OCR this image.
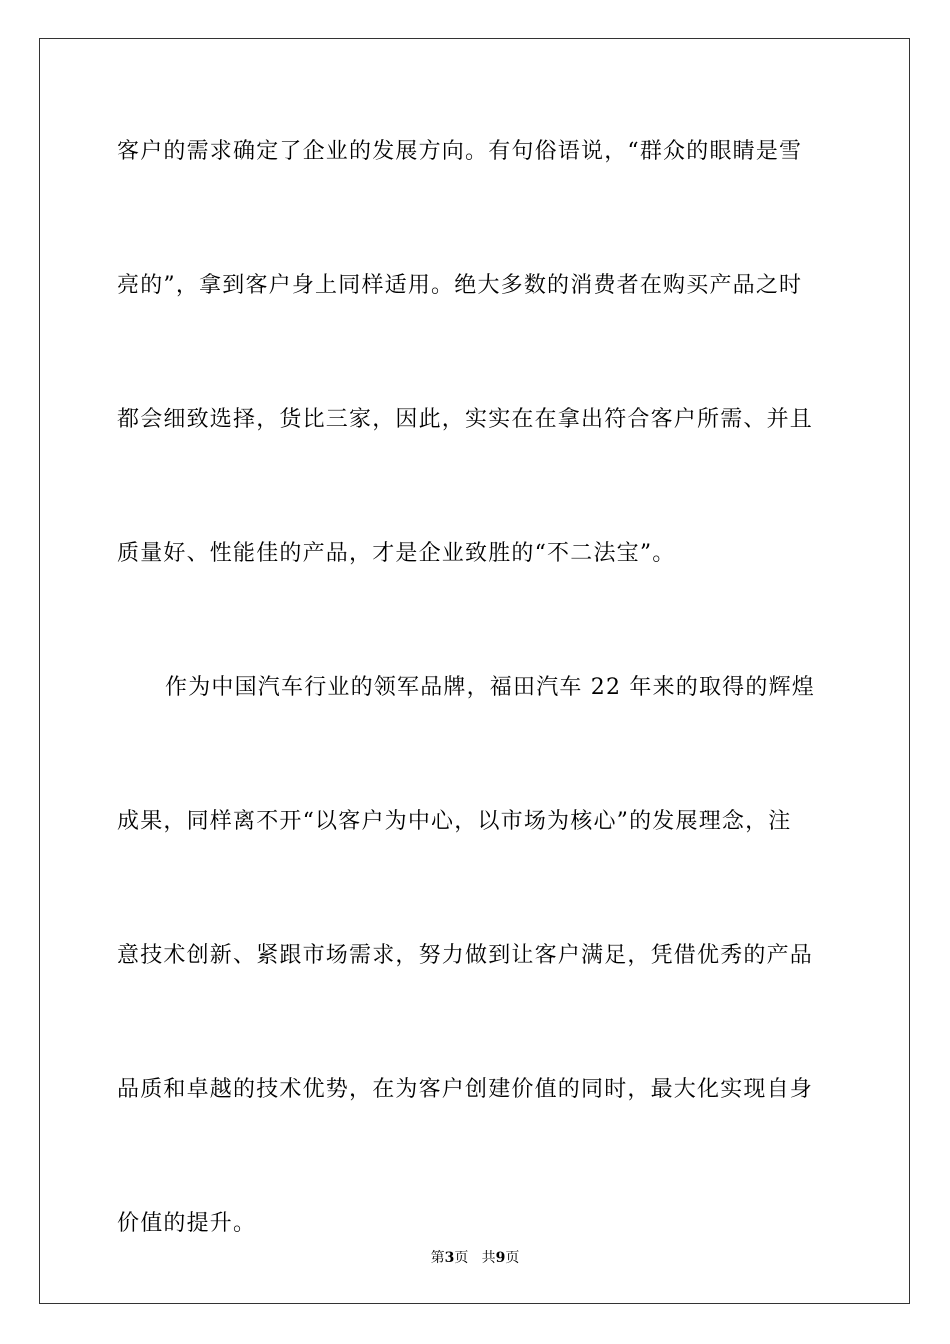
客户的需求确定了企业的发展方向。有句俗语说，“群众的眼睛是雪
亮的”，拿到客户身上同样适用。绝大多数的消费者在购买产品之时
都会细致选择，货比三家，因此，实实在在拿出符合客户所需、并且
质量好、性能佳的产品，才是企业致胜的“不二法宝”。
作为中国汽车行业的领军品牌，福田汽车 22 年来的取得的辉煌
成果，同样离不开“以客户为中心，以市场为核心”的发展理念，注
意技术创新、紧跟市场需求，努力做到让客户满足，凭借优秀的产品
品质和卓越的技术优势，在为客户创建价值的同时，最大化实现自身
价值的提升。
第3页 共9页
